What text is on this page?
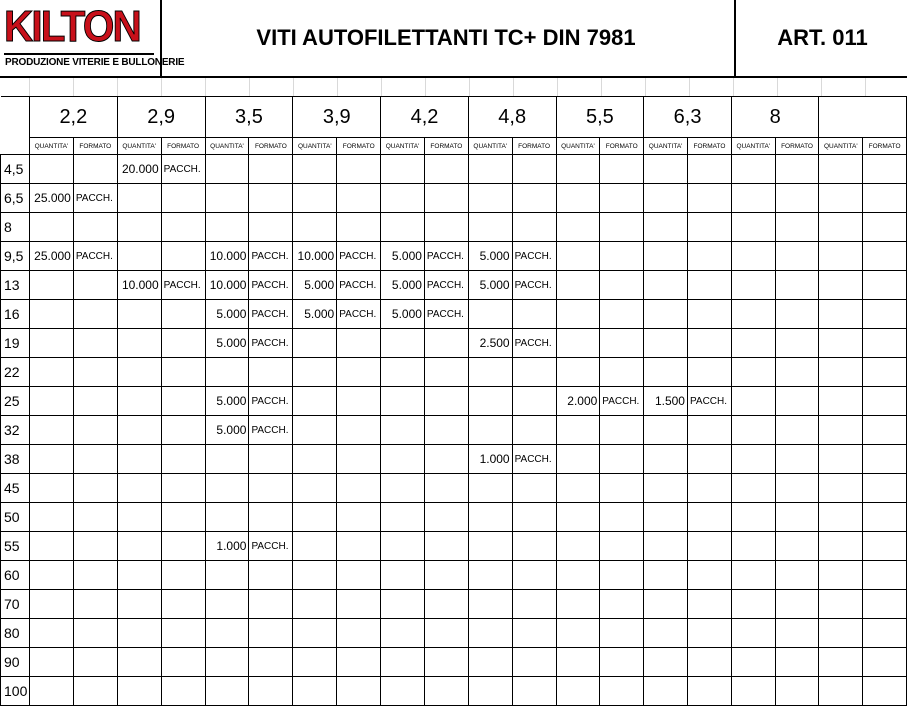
KILTON
PRODUZIONE VITERIE E BULLONERIE
VITI AUTOFILETTANTI TC+ DIN 7981	ART. 011
	2,2		2,9		3,5		3,9		4,2		4,8		5,5		6,3		8			
	QUANTITA'	FORMATO	QUANTITA'	FORMATO	QUANTITA'	FORMATO	QUANTITA'	FORMATO	QUANTITA'	FORMATO	QUANTITA'	FORMATO	QUANTITA'	FORMATO	QUANTITA'	FORMATO	QUANTITA'	FORMATO	QUANTITA'	FORMATO
4,5			20.000	PACCH.																
6,5	25.000	PACCH.																		
8																				
9,5	25.000	PACCH.			10.000	PACCH.	10.000	PACCH.	5.000	PACCH.	5.000	PACCH.								
13			10.000	PACCH.	10.000	PACCH.	5.000	PACCH.	5.000	PACCH.	5.000	PACCH.								
16					5.000	PACCH.	5.000	PACCH.	5.000	PACCH.										
19					5.000	PACCH.					2.500	PACCH.								
22																				
25					5.000	PACCH.							2.000	PACCH.	1.500	PACCH.				
32					5.000	PACCH.														
38											1.000	PACCH.								
45																				
50																				
55					1.000	PACCH.														
60																				
70																				
80																				
90																				
100																				
